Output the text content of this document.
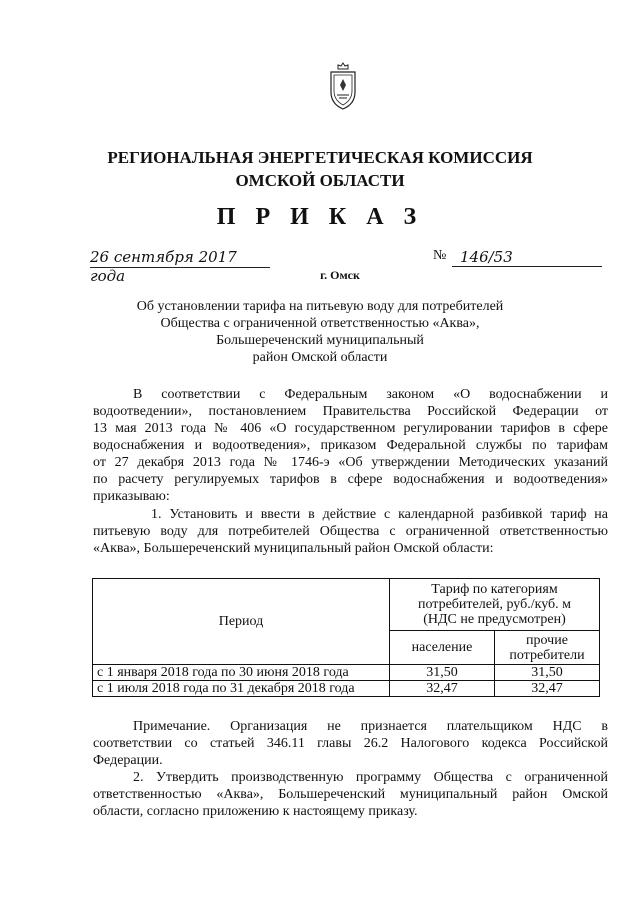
РЕГИОНАЛЬНАЯ ЭНЕРГЕТИЧЕСКАЯ КОМИССИЯ
ОМСКОЙ ОБЛАСТИ
П Р И К А З
26 сентября 2017 года
№ 146/53
г. Омск
Об установлении тарифа на питьевую воду для потребителей
Общества с ограниченной ответственностью «Аква»,
Большереченский муниципальный
район Омской области
В соответствии с Федеральным законом «О водоснабжении и
водоотведении», постановлением Правительства Российской Федерации от
13 мая 2013 года № 406 «О государственном регулировании тарифов в сфере
водоснабжения и водоотведения», приказом Федеральной службы по тарифам
от 27 декабря 2013 года № 1746-э «Об утверждении Методических указаний
по расчету регулируемых тарифов в сфере водоснабжения и водоотведения»
приказываю:
1. Установить и ввести в действие с календарной разбивкой тариф на
питьевую воду для потребителей Общества с ограниченной ответственностью
«Аква», Большереченский муниципальный район Омской области:
Период	Тариф по категориям
потребителей, руб./куб. м
(НДС не предусмотрен)	

	население	прочие
потребители

с 1 января 2018 года по 30 июня 2018 года	31,50	31,50
с 1 июля 2018 года по 31 декабря 2018 года	32,47	32,47
Примечание. Организация не признается плательщиком НДС в
соответствии со статьей 346.11 главы 26.2 Налогового кодекса Российской
Федерации.
2. Утвердить производственную программу Общества с ограниченной
ответственностью «Аква», Большереченский муниципальный район Омской
области, согласно приложению к настоящему приказу.
